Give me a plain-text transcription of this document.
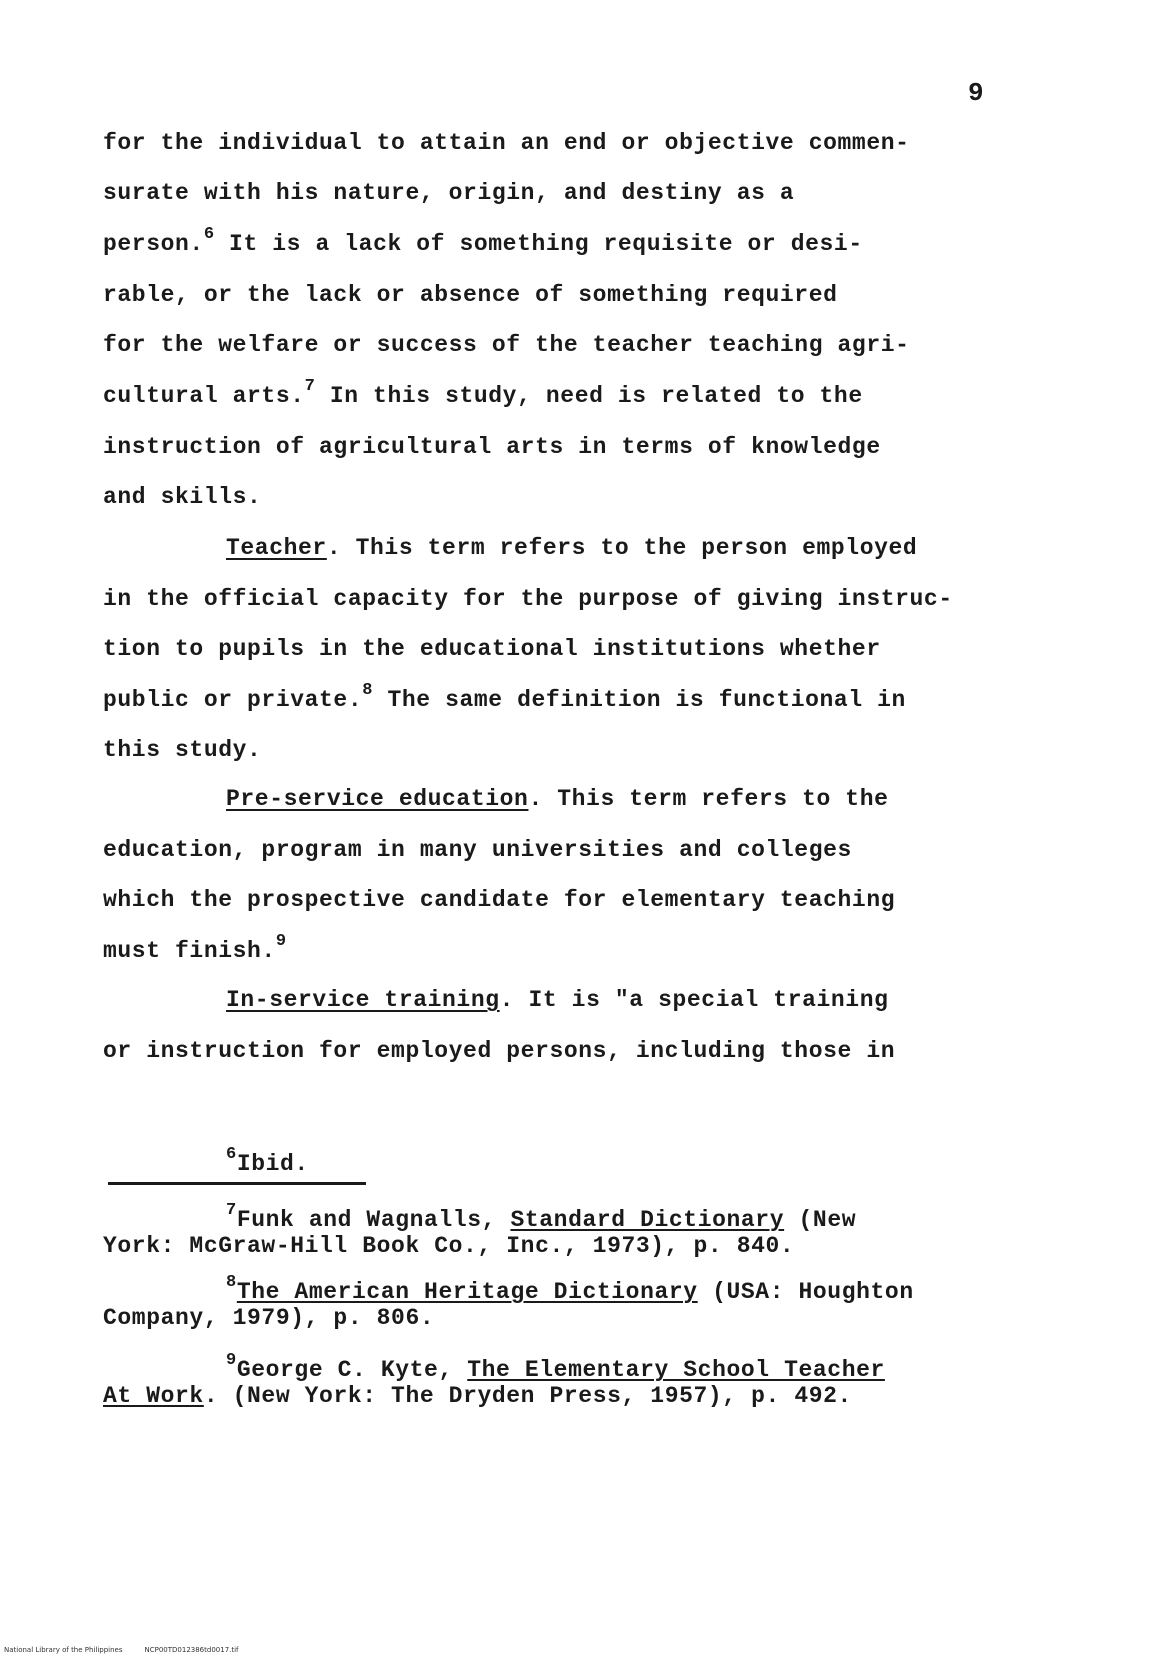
9
for the individual to attain an end or objective commen-
surate with his nature, origin, and destiny as a
person.$^6$ It is a lack of something requisite or desi-
rable, or the lack or absence of something required
for the welfare or success of the teacher teaching agri-
cultural arts.$^7$ In this study, need is related to the
instruction of agricultural arts in terms of knowledge
and skills.
Teacher. This term refers to the person employed
in the official capacity for the purpose of giving instruc-
tion to pupils in the educational institutions whether
public or private.$^8$ The same definition is functional in
this study.
Pre-service education. This term refers to the
education, program in many universities and colleges
which the prospective candidate for elementary teaching
must finish.$^9$
In-service training. It is "a special training
or instruction for employed persons, including those in
$^6$Ibid.
$^7$Funk and Wagnalls, Standard Dictionary (New
York: McGraw-Hill Book Co., Inc., 1973), p. 840.
$^8$The American Heritage Dictionary (USA: Houghton
Company, 1979), p. 806.
$^9$George C. Kyte, The Elementary School Teacher
At Work. (New York: The Dryden Press, 1957), p. 492.
National Library of the Philippines	NCP00TD012386td0017.tif
